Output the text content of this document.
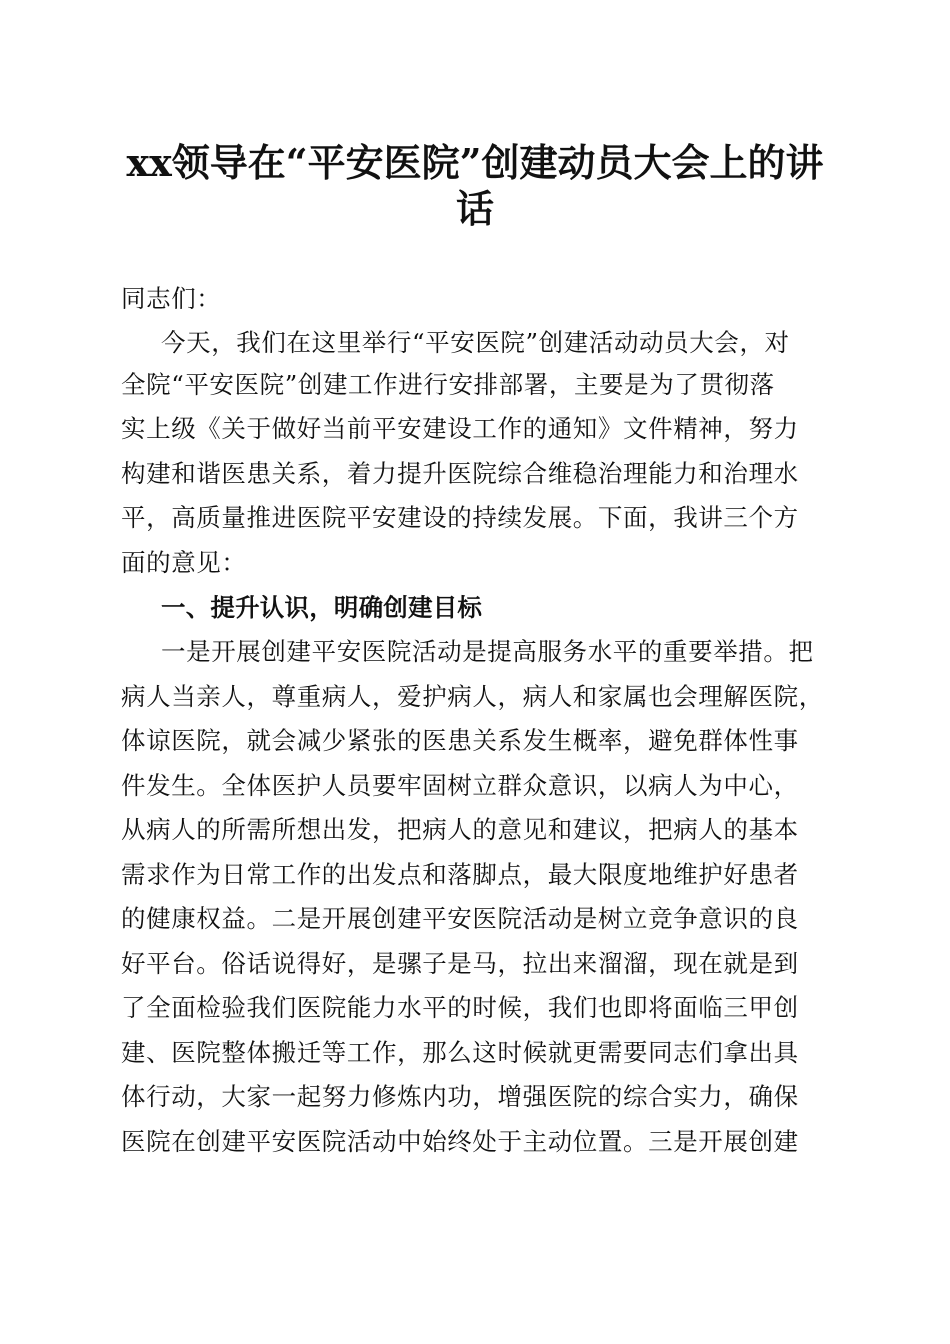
xx领导在“平安医院”创建动员大会上的讲
话
同志们：
今天，我们在这里举行“平安医院”创建活动动员大会，对
全院“平安医院”创建工作进行安排部署，主要是为了贯彻落
实上级《关于做好当前平安建设工作的通知》文件精神，努力
构建和谐医患关系，着力提升医院综合维稳治理能力和治理水
平，高质量推进医院平安建设的持续发展。下面，我讲三个方
面的意见：
一、提升认识，明确创建目标
一是开展创建平安医院活动是提高服务水平的重要举措。把
病人当亲人，尊重病人，爱护病人，病人和家属也会理解医院，
体谅医院，就会减少紧张的医患关系发生概率，避免群体性事
件发生。全体医护人员要牢固树立群众意识，以病人为中心，
从病人的所需所想出发，把病人的意见和建议，把病人的基本
需求作为日常工作的出发点和落脚点，最大限度地维护好患者
的健康权益。二是开展创建平安医院活动是树立竞争意识的良
好平台。俗话说得好，是骡子是马，拉出来溜溜，现在就是到
了全面检验我们医院能力水平的时候，我们也即将面临三甲创
建、医院整体搬迁等工作，那么这时候就更需要同志们拿出具
体行动，大家一起努力修炼内功，增强医院的综合实力，确保
医院在创建平安医院活动中始终处于主动位置。三是开展创建
